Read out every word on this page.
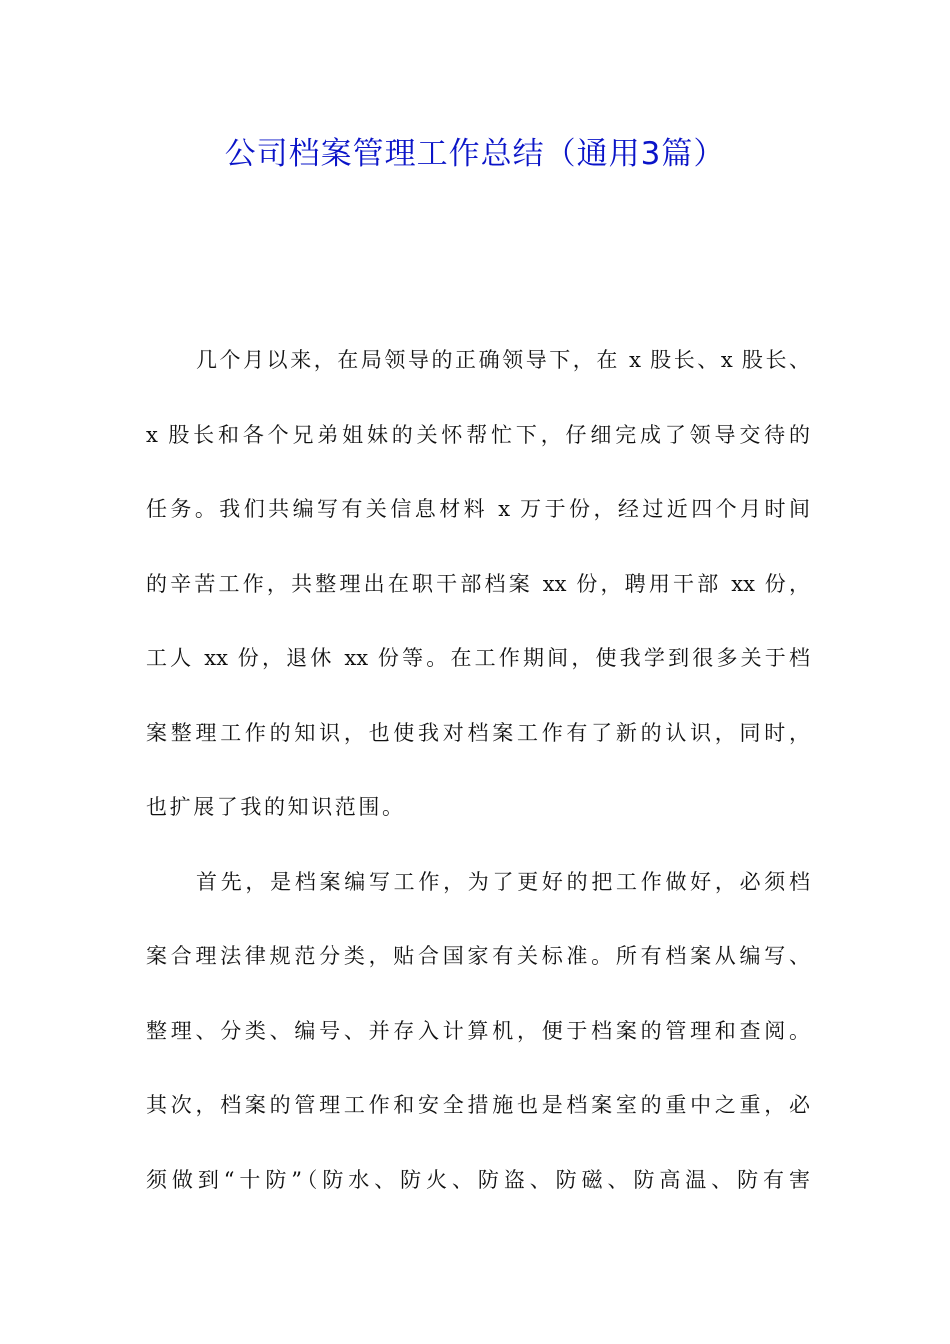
公司档案管理工作总结（通用3篇）
几个月以来，在局领导的正确领导下，在 x 股长、x 股长、
x 股长和各个兄弟姐妹的关怀帮忙下，仔细完成了领导交待的
任务。我们共编写有关信息材料 x 万于份，经过近四个月时间
的辛苦工作，共整理出在职干部档案 xx 份，聘用干部 xx 份，
工人 xx 份，退休 xx 份等。在工作期间，使我学到很多关于档
案整理工作的知识，也使我对档案工作有了新的认识，同时，
也扩展了我的知识范围。
首先，是档案编写工作，为了更好的把工作做好，必须档
案合理法律规范分类，贴合国家有关标准。所有档案从编写、
整理、分类、编号、并存入计算机，便于档案的管理和查阅。
其次，档案的管理工作和安全措施也是档案室的重中之重，必
须做到“十防”（防水、防火、防盗、防磁、防高温、防有害
